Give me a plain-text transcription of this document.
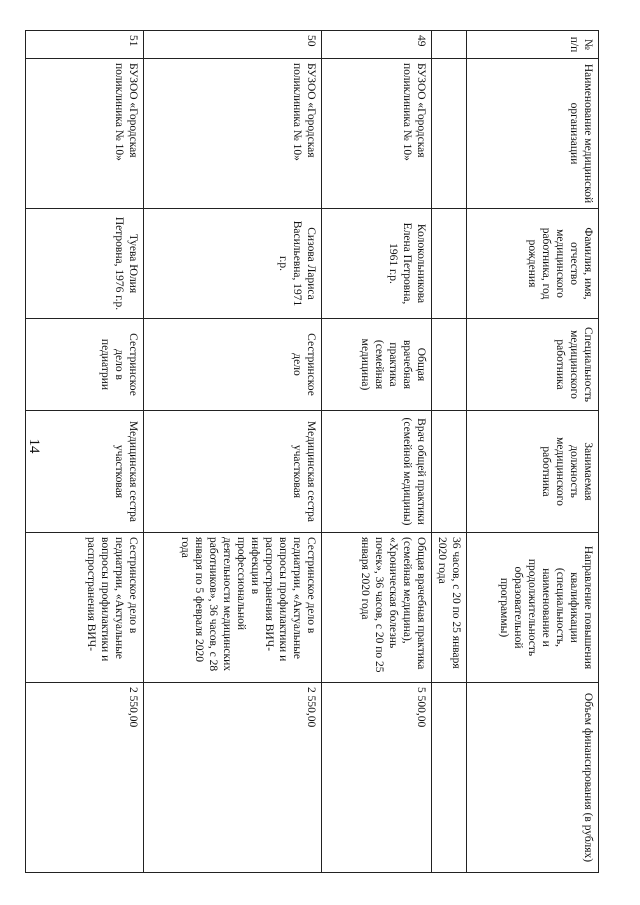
14
№ п/п	Наименование медицинской организации	Фамилия, имя, отчество медицинского работника, год рождения	Специальность медицинского работника	Занимаемая должность медицинского работника	Направление повышения квалификации (специальность, наименование и продолжительность образовательной программы)	Объем финансирования (в рублях)
					36 часов, с 20 по 25 января 2020 года	
49	БУЗОО «Городская поликлиника № 10»	Колокольникова Елена Петровна, 1961 г.р.	Общая врачебная практика (семейная медицина)	Врач общей практики (семейной медицины)	Общая врачебная практика (семейная медицина), «Хроническая болезнь почек», 36 часов, с 20 по 25 января 2020 года	5 500,00
50	БУЗОО «Городская поликлиника № 10»	Сизова Лариса Васильевна, 1971 г.р.	Сестринское дело	Медицинская сестра участковая	Сестринское дело в педиатрии, «Актуальные вопросы профилактики и распространения ВИЧ-инфекции в профессиональной деятельности медицинских работников», 36 часов, с 28 января по 5 февраля 2020 года	2 550,00
51	БУЗОО «Городская поликлиника № 10»	Туева Юлия Петровна, 1976 г.р.	Сестринское дело в педиатрии	Медицинская сестра участковая	Сестринское дело в педиатрии, «Актуальные вопросы профилактики и распространения ВИЧ-	2 550,00
